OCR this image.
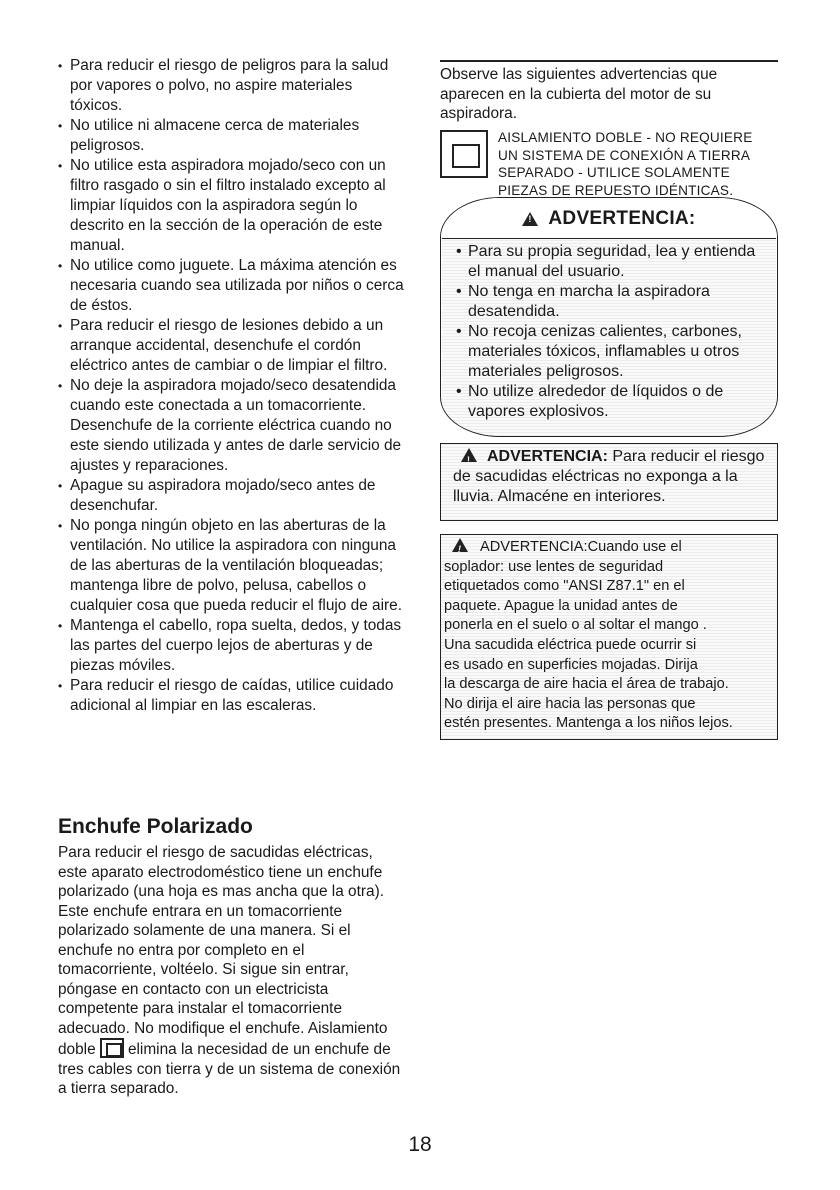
• Para reducir el riesgo de peligros para la salud por vapores o polvo, no aspire materiales tóxicos.
• No utilice ni almacene cerca de materiales peligrosos.
• No utilice esta aspiradora mojado/seco con un filtro rasgado o sin el filtro instalado excepto al limpiar líquidos con la aspiradora según lo descrito en la sección de la operación de este manual.
• No utilice como juguete. La máxima atención es necesaria cuando sea utilizada por niños o cerca de éstos.
• Para reducir el riesgo de lesiones debido a un arranque accidental, desenchufe el cordón eléctrico antes de cambiar o de limpiar el filtro.
• No deje la aspiradora mojado/seco desatendida cuando este conectada a un tomacorriente. Desenchufe de la corriente eléctrica cuando no este siendo utilizada y antes de darle servicio de ajustes y reparaciones.
• Apague su aspiradora mojado/seco antes de desenchufar.
• No ponga ningún objeto en las aberturas de la ventilación. No utilice la aspiradora con ninguna de las aberturas de la ventilación bloqueadas; mantenga libre de polvo, pelusa, cabellos o cualquier cosa que pueda reducir el flujo de aire.
• Mantenga el cabello, ropa suelta, dedos, y todas las partes del cuerpo lejos de aberturas y de piezas móviles.
• Para reducir el riesgo de caídas, utilice cuidado adicional al limpiar en las escaleras.
Enchufe Polarizado

Para reducir el riesgo de sacudidas eléctricas, este aparato electrodoméstico tiene un enchufe polarizado (una hoja es mas ancha que la otra). Este enchufe entrara en un tomacorriente polarizado solamente de una manera. Si el enchufe no entra por completo en el tomacorriente, voltéelo. Si sigue sin entrar, póngase en contacto con un electricista competente para instalar el tomacorriente adecuado. No modifique el enchufe. Aislamiento doble elimina la necesidad de un enchufe de tres cables con tierra y de un sistema de conexión a tierra separado.

Observe las siguientes advertencias que aparecen en la cubierta del motor de su aspiradora.

AISLAMIENTO DOBLE - NO REQUIERE
UN SISTEMA DE CONEXIÓN A TIERRA
SEPARADO - UTILICE SOLAMENTE
PIEZAS DE REPUESTO IDÉNTICAS.
!
ADVERTENCIA:
• Para su propia seguridad, lea y entienda el manual del usuario.
• No tenga en marcha la aspiradora desatendida.
• No recoja cenizas calientes, carbones, materiales tóxicos, inflamables u otros materiales peligrosos.
• No utilize alrededor de líquidos o de vapores explosivos.
!ADVERTENCIA: Para reducir el riesgo de sacudidas eléctricas no exponga a la lluvia. Almacéne en interiores.
!ADVERTENCIA:Cuando use el
soplador: use lentes de seguridad
etiquetados como "ANSI Z87.1" en el
paquete. Apague la unidad antes de
ponerla en el suelo o al soltar el mango .
Una sacudida eléctrica puede ocurrir si
es usado en superficies mojadas. Dirija
la descarga de aire hacia el área de trabajo.
No dirija el aire hacia las personas que
estén presentes. Mantenga a los niños lejos.
18
